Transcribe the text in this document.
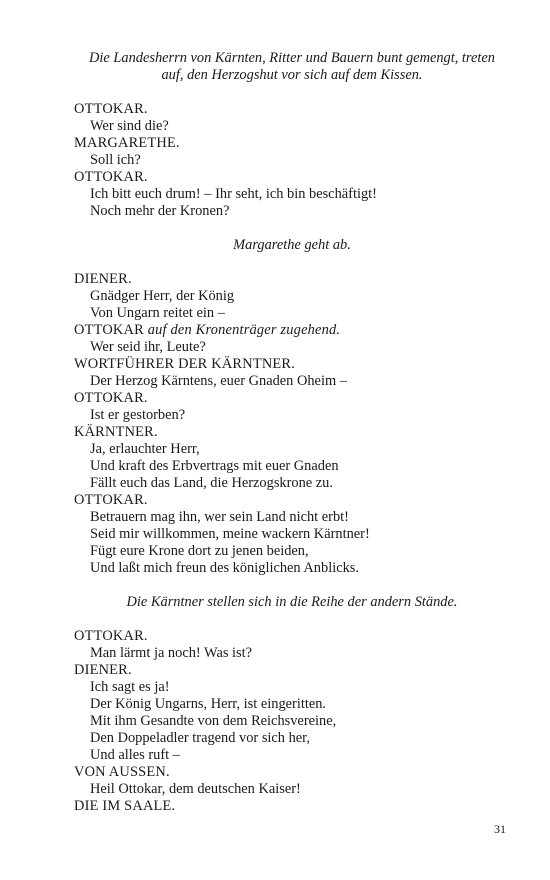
Die Landesherrn von Kärnten, Ritter und Bauern bunt gemengt, treten
auf, den Herzogshut vor sich auf dem Kissen.
OTTOKAR.
Wer sind die?
MARGARETHE.
Soll ich?
OTTOKAR.
Ich bitt euch drum! – Ihr seht, ich bin beschäftigt!
Noch mehr der Kronen?
Margarethe geht ab.
DIENER.
Gnädger Herr, der König
Von Ungarn reitet ein –
OTTOKAR auf den Kronenträger zugehend.
Wer seid ihr, Leute?
WORTFÜHRER DER KÄRNTNER.
Der Herzog Kärntens, euer Gnaden Oheim –
OTTOKAR.
Ist er gestorben?
KÄRNTNER.
Ja, erlauchter Herr,
Und kraft des Erbvertrags mit euer Gnaden
Fällt euch das Land, die Herzogskrone zu.
OTTOKAR.
Betrauern mag ihn, wer sein Land nicht erbt!
Seid mir willkommen, meine wackern Kärntner!
Fügt eure Krone dort zu jenen beiden,
Und laßt mich freun des königlichen Anblicks.
Die Kärntner stellen sich in die Reihe der andern Stände.
OTTOKAR.
Man lärmt ja noch! Was ist?
DIENER.
Ich sagt es ja!
Der König Ungarns, Herr, ist eingeritten.
Mit ihm Gesandte von dem Reichsvereine,
Den Doppeladler tragend vor sich her,
Und alles ruft –
VON AUSSEN.
Heil Ottokar, dem deutschen Kaiser!
DIE IM SAALE.
31
